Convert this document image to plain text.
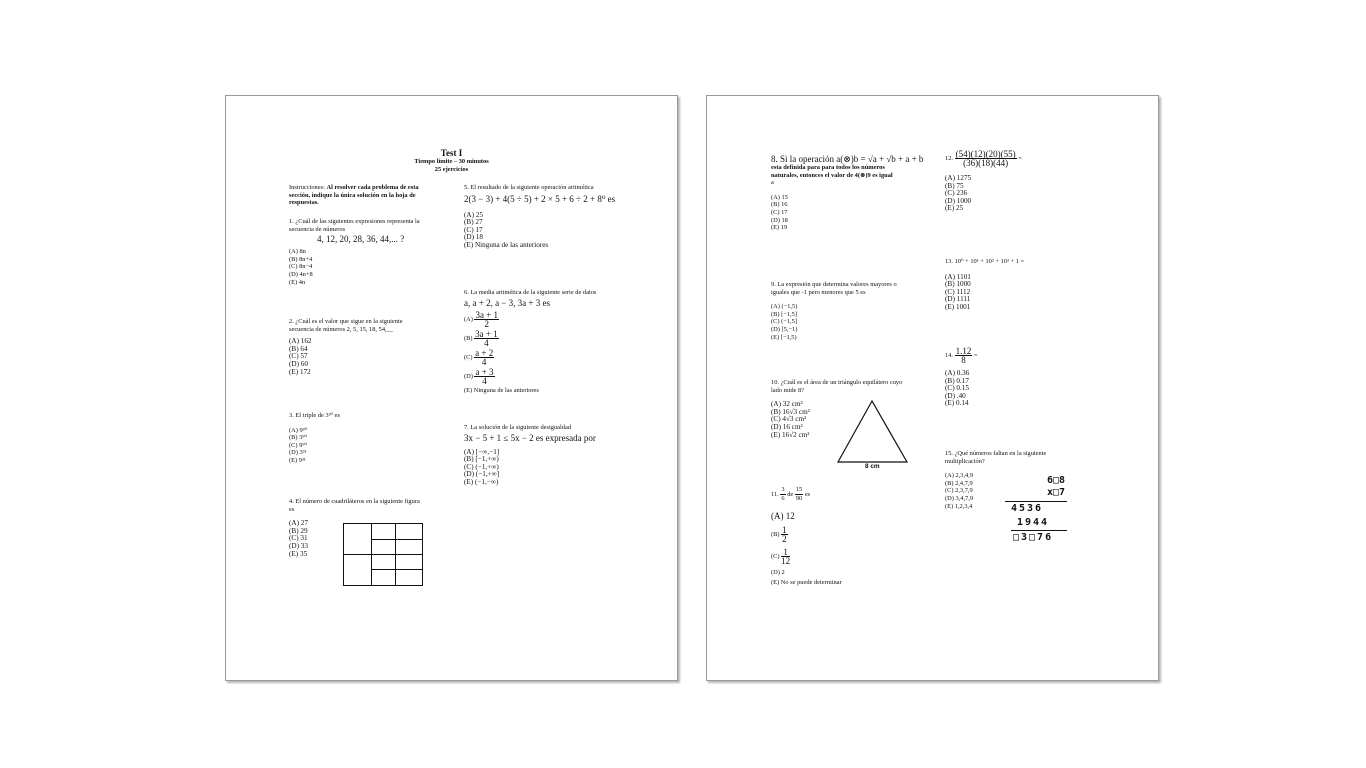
Test I
Tiempo límite – 30 minutos
25 ejercicios
Instrucciones: Al resolver cada problema de esta
sección, indique la única solución en la hoja de
respuestas.
1. ¿Cuál de las siguientes expresiones representa la
secuencia de números
4, 12, 20, 28, 36, 44,... ?
(A) 8n
(B) 8n+4
(C) 8n−4
(D) 4n+8
(E) 4n
2. ¿Cuál es el valor que sigue en la siguiente
secuencia de números 2, 5, 15, 18, 54,__
(A) 162
(B) 64
(C) 57
(D) 60
(E) 172
3. El triple de 3³⁰ es
(A) 9³⁰
(B) 3⁹⁰
(C) 9⁹⁰
(D) 3³¹
(E) 9³¹
4. El número de cuadriláteros en la siguiente figura
es
(A) 27
(B) 29
(C) 31
(D) 33
(E) 35
5. El resultado de la siguiente operación aritmética
2(3 − 3) + 4(5 ÷ 5) + 2 × 5 + 6 ÷ 2 + 8⁰ es
(A) 25
(B) 27
(C) 17
(D) 18
(E) Ninguna de las anteriores
6. La media aritmética de la siguiente serie de datos
a, a + 2, a − 3, 3a + 3 es
$(A) \frac{3a + 1}{2}$
$(B) \frac{3a + 1}{4}$
$(C) \frac{a + 2}{4}$
$(D) \frac{a + 3}{4}$
(E) Ninguna de las anteriores
7. La solución de la siguiente desigualdad
3x − 5 + 1 ≤ 5x − 2 es expresada por
(A) [−∞,−1]
(B) [−1,+∞)
(C) (−1,+∞)
(D) (−1,+∞]
(E) (−1,−∞)
8. Si la operación a(⊗)b = √a + √b + a + b
esta definida para para todos los números
naturales, entonces el valor de 4(⊗)9 es igual
a
(A) 15
(B) 16
(C) 17
(D) 18
(E) 19
9. La expresión que determina valores mayores o
iguales que -1 pero menores que 5 es
(A) (−1,5)
(B) [−1,5]
(C) (−1,5]
(D) [5,−1)
(E) [−1,5)
10. ¿Cuál es el área de un triángulo equilátero cuyo
lado mide 8?
(A) 32 cm²
(B) 16√3 cm²
(C) 4√3 cm²
(D) 16 cm²
(E) 16√2 cm²
8 cm
11. $\frac{3}{6}$ de $\frac{15}{90}$ es
(A) 12
$(B) \frac{1}{2}$
$(C) \frac{1}{12}$
(D) 2
(E) No se puede determinar
12. $\frac{(54)(12)(20)(55)}{(36)(18)(44)}$ =
(A) 1275
(B) 75
(C) 236
(D) 1000
(E) 25
13. 10⁰ + 10¹ + 10² + 10³ + 1 =
(A) 1101
(B) 1000
(C) 1112
(D) 1111
(E) 1001
14. $\frac{1.12}{8}$ =
(A) 0.36
(B) 0.17
(C) 0.15
(D) .40
(E) 0.14
15. ¿Qué números faltan en la siguiente
multiplicación?
(A) 2,3,4,9
(B) 2,4,7,9
(C) 2,3,7,9
(D) 3,4,7,9
(E) 1,2,3,4
6□8
x□7
4536
1944
□3□76
